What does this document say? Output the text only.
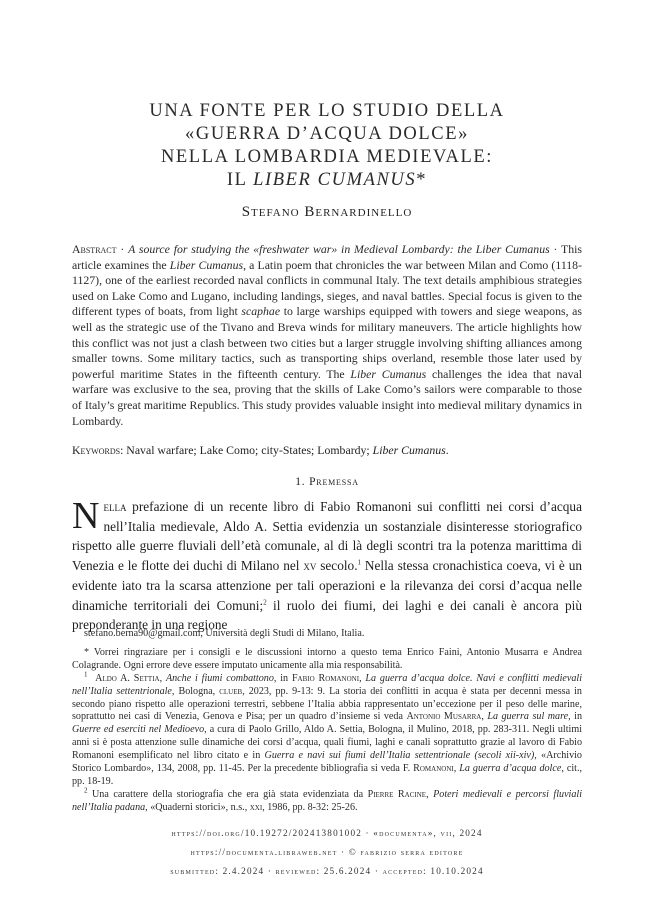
UNA FONTE PER LO STUDIO DELLA
«GUERRA D’ACQUA DOLCE»
NELLA LOMBARDIA MEDIEVALE:
IL LIBER CUMANUS*
Stefano Bernardinello
Abstract · A source for studying the «freshwater war» in Medieval Lombardy: the Liber Cumanus · This article examines the Liber Cumanus, a Latin poem that chronicles the war between Milan and Como (1118-1127), one of the earliest recorded naval conflicts in communal Italy. The text details amphibious strategies used on Lake Como and Lugano, including landings, sieges, and naval battles. Special focus is given to the different types of boats, from light scaphae to large warships equipped with towers and siege weapons, as well as the strategic use of the Tivano and Breva winds for military maneuvers. The article highlights how this conflict was not just a clash between two cities but a larger struggle involving shifting alliances among smaller towns. Some military tactics, such as transporting ships overland, resemble those later used by powerful maritime States in the fifteenth century. The Liber Cumanus challenges the idea that naval warfare was exclusive to the sea, proving that the skills of Lake Como’s sailors were comparable to those of Italy’s great maritime Republics. This study provides valuable insight into medieval military dynamics in Lombardy.
Keywords: Naval warfare; Lake Como; city-States; Lombardy; Liber Cumanus.
1. Premessa
Nella prefazione di un recente libro di Fabio Romanoni sui conflitti nei corsi d’acqua nell’Italia medievale, Aldo A. Settia evidenzia un sostanziale disinteresse storiografico rispetto alle guerre fluviali dell’età comunale, al di là degli scontri tra la potenza marittima di Venezia e le flotte dei duchi di Milano nel xv secolo.$^1$ Nella stessa cronachistica coeva, vi è un evidente iato tra la scarsa attenzione per tali operazioni e la rilevanza dei corsi d’acqua nelle dinamiche territoriali dei Comuni;$^2$ il ruolo dei fiumi, dei laghi e dei canali è ancora più preponderante in una regione

stefano.berna90@gmail.com, Università degli Studi di Milano, Italia.

* Vorrei ringraziare per i consigli e le discussioni intorno a questo tema Enrico Faini, Antonio Musarra e Andrea Colagrande. Ogni errore deve essere imputato unicamente alla mia responsabilità.

$^1$ Aldo A. Settia, Anche i fiumi combattono, in Fabio Romanoni, La guerra d’acqua dolce. Navi e conflitti medievali nell’Italia settentrionale, Bologna, clueb, 2023, pp. 9-13: 9. La storia dei conflitti in acqua è stata per decenni messa in secondo piano rispetto alle operazioni terrestri, sebbene l’Italia abbia rappresentato un’eccezione per il peso delle marine, soprattutto nei casi di Venezia, Genova e Pisa; per un quadro d’insieme si veda Antonio Musarra, La guerra sul mare, in Guerre ed eserciti nel Medioevo, a cura di Paolo Grillo, Aldo A. Settia, Bologna, il Mulino, 2018, pp. 283-311. Negli ultimi anni si è posta attenzione sulle dinamiche dei corsi d’acqua, quali fiumi, laghi e canali soprattutto grazie al lavoro di Fabio Romanoni esemplificato nel libro citato e in Guerra e navi sui fiumi dell’Italia settentrionale (secoli xii-xiv), «Archivio Storico Lombardo», 134, 2008, pp. 11-45. Per la precedente bibliografia si veda F. Romanoni, La guerra d’acqua dolce, cit., pp. 18-19.

$^2$ Una carattere della storiografia che era già stata evidenziata da Pierre Racine, Poteri medievali e percorsi fluviali nell’Italia padana, «Quaderni storici», n.s., xxi, 1986, pp. 8-32: 25-26.

https://doi.org/10.19272/202413801002 · «documenta», vii, 2024
https://documenta.libraweb.net · © fabrizio serra editore
submitted: 2.4.2024 · reviewed: 25.6.2024 · accepted: 10.10.2024
